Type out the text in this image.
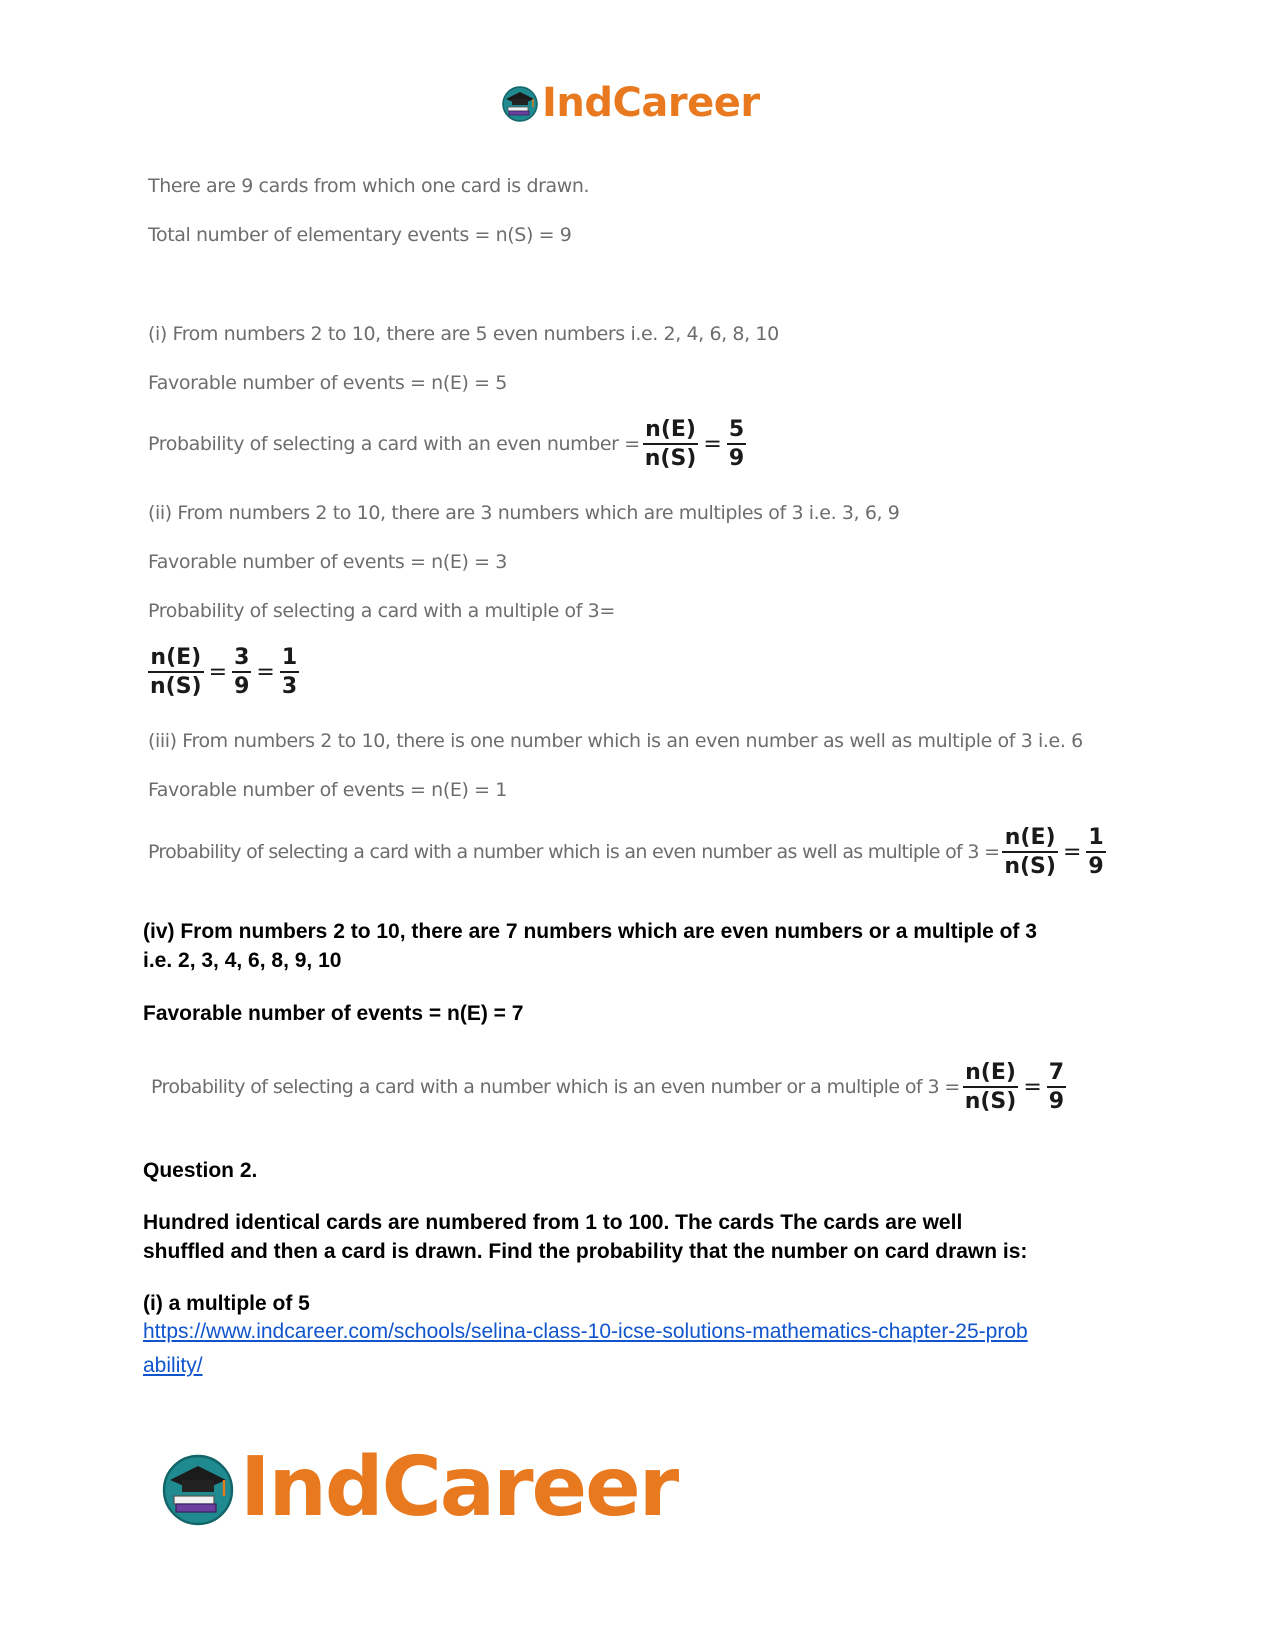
IndCareer
There are 9 cards from which one card is drawn.
Total number of elementary events = n(S) = 9
(i) From numbers 2 to 10, there are 5 even numbers i.e. 2, 4, 6, 8, 10
Favorable number of events = n(E) = 5
Probability of selecting a card with an even number = $\frac{n(E)}{n(S)} = \frac{5}{9}$
(ii) From numbers 2 to 10, there are 3 numbers which are multiples of 3 i.e. 3, 6, 9
Favorable number of events = n(E) = 3
Probability of selecting a card with a multiple of 3=
$\frac{n(E)}{n(S)} = \frac{3}{9} = \frac{1}{3}$
(iii) From numbers 2 to 10, there is one number which is an even number as well as multiple of 3 i.e. 6
Favorable number of events = n(E) = 1
Probability of selecting a card with a number which is an even number as well as multiple of $3 = \frac{n(E)}{n(S)} = \frac{1}{9}$
(iv) From numbers 2 to 10, there are 7 numbers which are even numbers or a multiple of 3
i.e. 2, 3, 4, 6, 8, 9, 10
Favorable number of events = n(E) = 7
Probability of selecting a card with a number which is an even number or a multiple of $3 = \frac{n(E)}{n(S)} = \frac{7}{9}$
Question 2.
Hundred identical cards are numbered from 1 to 100. The cards The cards are well
shuffled and then a card is drawn. Find the probability that the number on card drawn is:
(i) a multiple of 5
https://www.indcareer.com/schools/selina-class-10-icse-solutions-mathematics-chapter-25-prob
ability/
IndCareer
